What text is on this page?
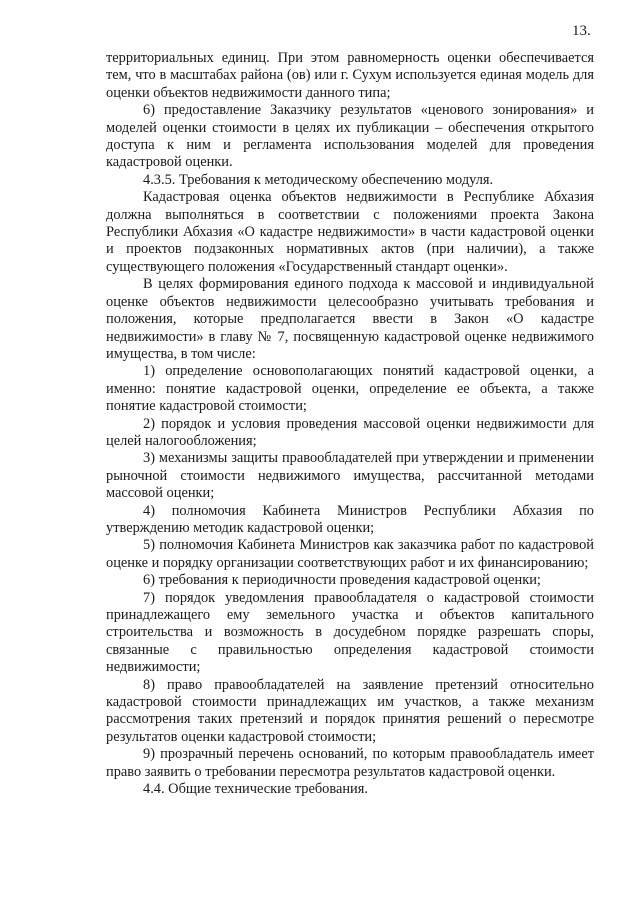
13.

территориальных единиц. При этом равномерность оценки обеспечивается тем, что в масштабах района (ов) или г. Сухум используется единая модель для оценки объектов недвижимости данного типа;

6) предоставление Заказчику результатов «ценового зонирования» и моделей оценки стоимости в целях их публикации – обеспечения открытого доступа к ним и регламента использования моделей для проведения кадастровой оценки.

4.3.5. Требования к методическому обеспечению модуля.

Кадастровая оценка объектов недвижимости в Республике Абхазия должна выполняться в соответствии с положениями проекта Закона Республики Абхазия «О кадастре недвижимости» в части кадастровой оценки и проектов подзаконных нормативных актов (при наличии), а также существующего положения «Государственный стандарт оценки».

В целях формирования единого подхода к массовой и индивидуальной оценке объектов недвижимости целесообразно учитывать требования и положения, которые предполагается ввести в Закон «О кадастре недвижимости» в главу № 7, посвященную кадастровой оценке недвижимого имущества, в том числе:

1) определение основополагающих понятий кадастровой оценки, а именно: понятие кадастровой оценки, определение ее объекта, а также понятие кадастровой стоимости;

2) порядок и условия проведения массовой оценки недвижимости для целей налогообложения;

3) механизмы защиты правообладателей при утверждении и применении рыночной стоимости недвижимого имущества, рассчитанной методами массовой оценки;

4) полномочия Кабинета Министров Республики Абхазия по утверждению методик кадастровой оценки;

5) полномочия Кабинета Министров как заказчика работ по кадастровой оценке и порядку организации соответствующих работ и их финансированию;

6) требования к периодичности проведения кадастровой оценки;

7) порядок уведомления правообладателя о кадастровой стоимости принадлежащего ему земельного участка и объектов капитального строительства и возможность в досудебном порядке разрешать споры, связанные с правильностью определения кадастровой стоимости недвижимости;

8) право правообладателей на заявление претензий относительно кадастровой стоимости принадлежащих им участков, а также механизм рассмотрения таких претензий и порядок принятия решений о пересмотре результатов оценки кадастровой стоимости;

9) прозрачный перечень оснований, по которым правообладатель имеет право заявить о требовании пересмотра результатов кадастровой оценки.

4.4. Общие технические требования.
